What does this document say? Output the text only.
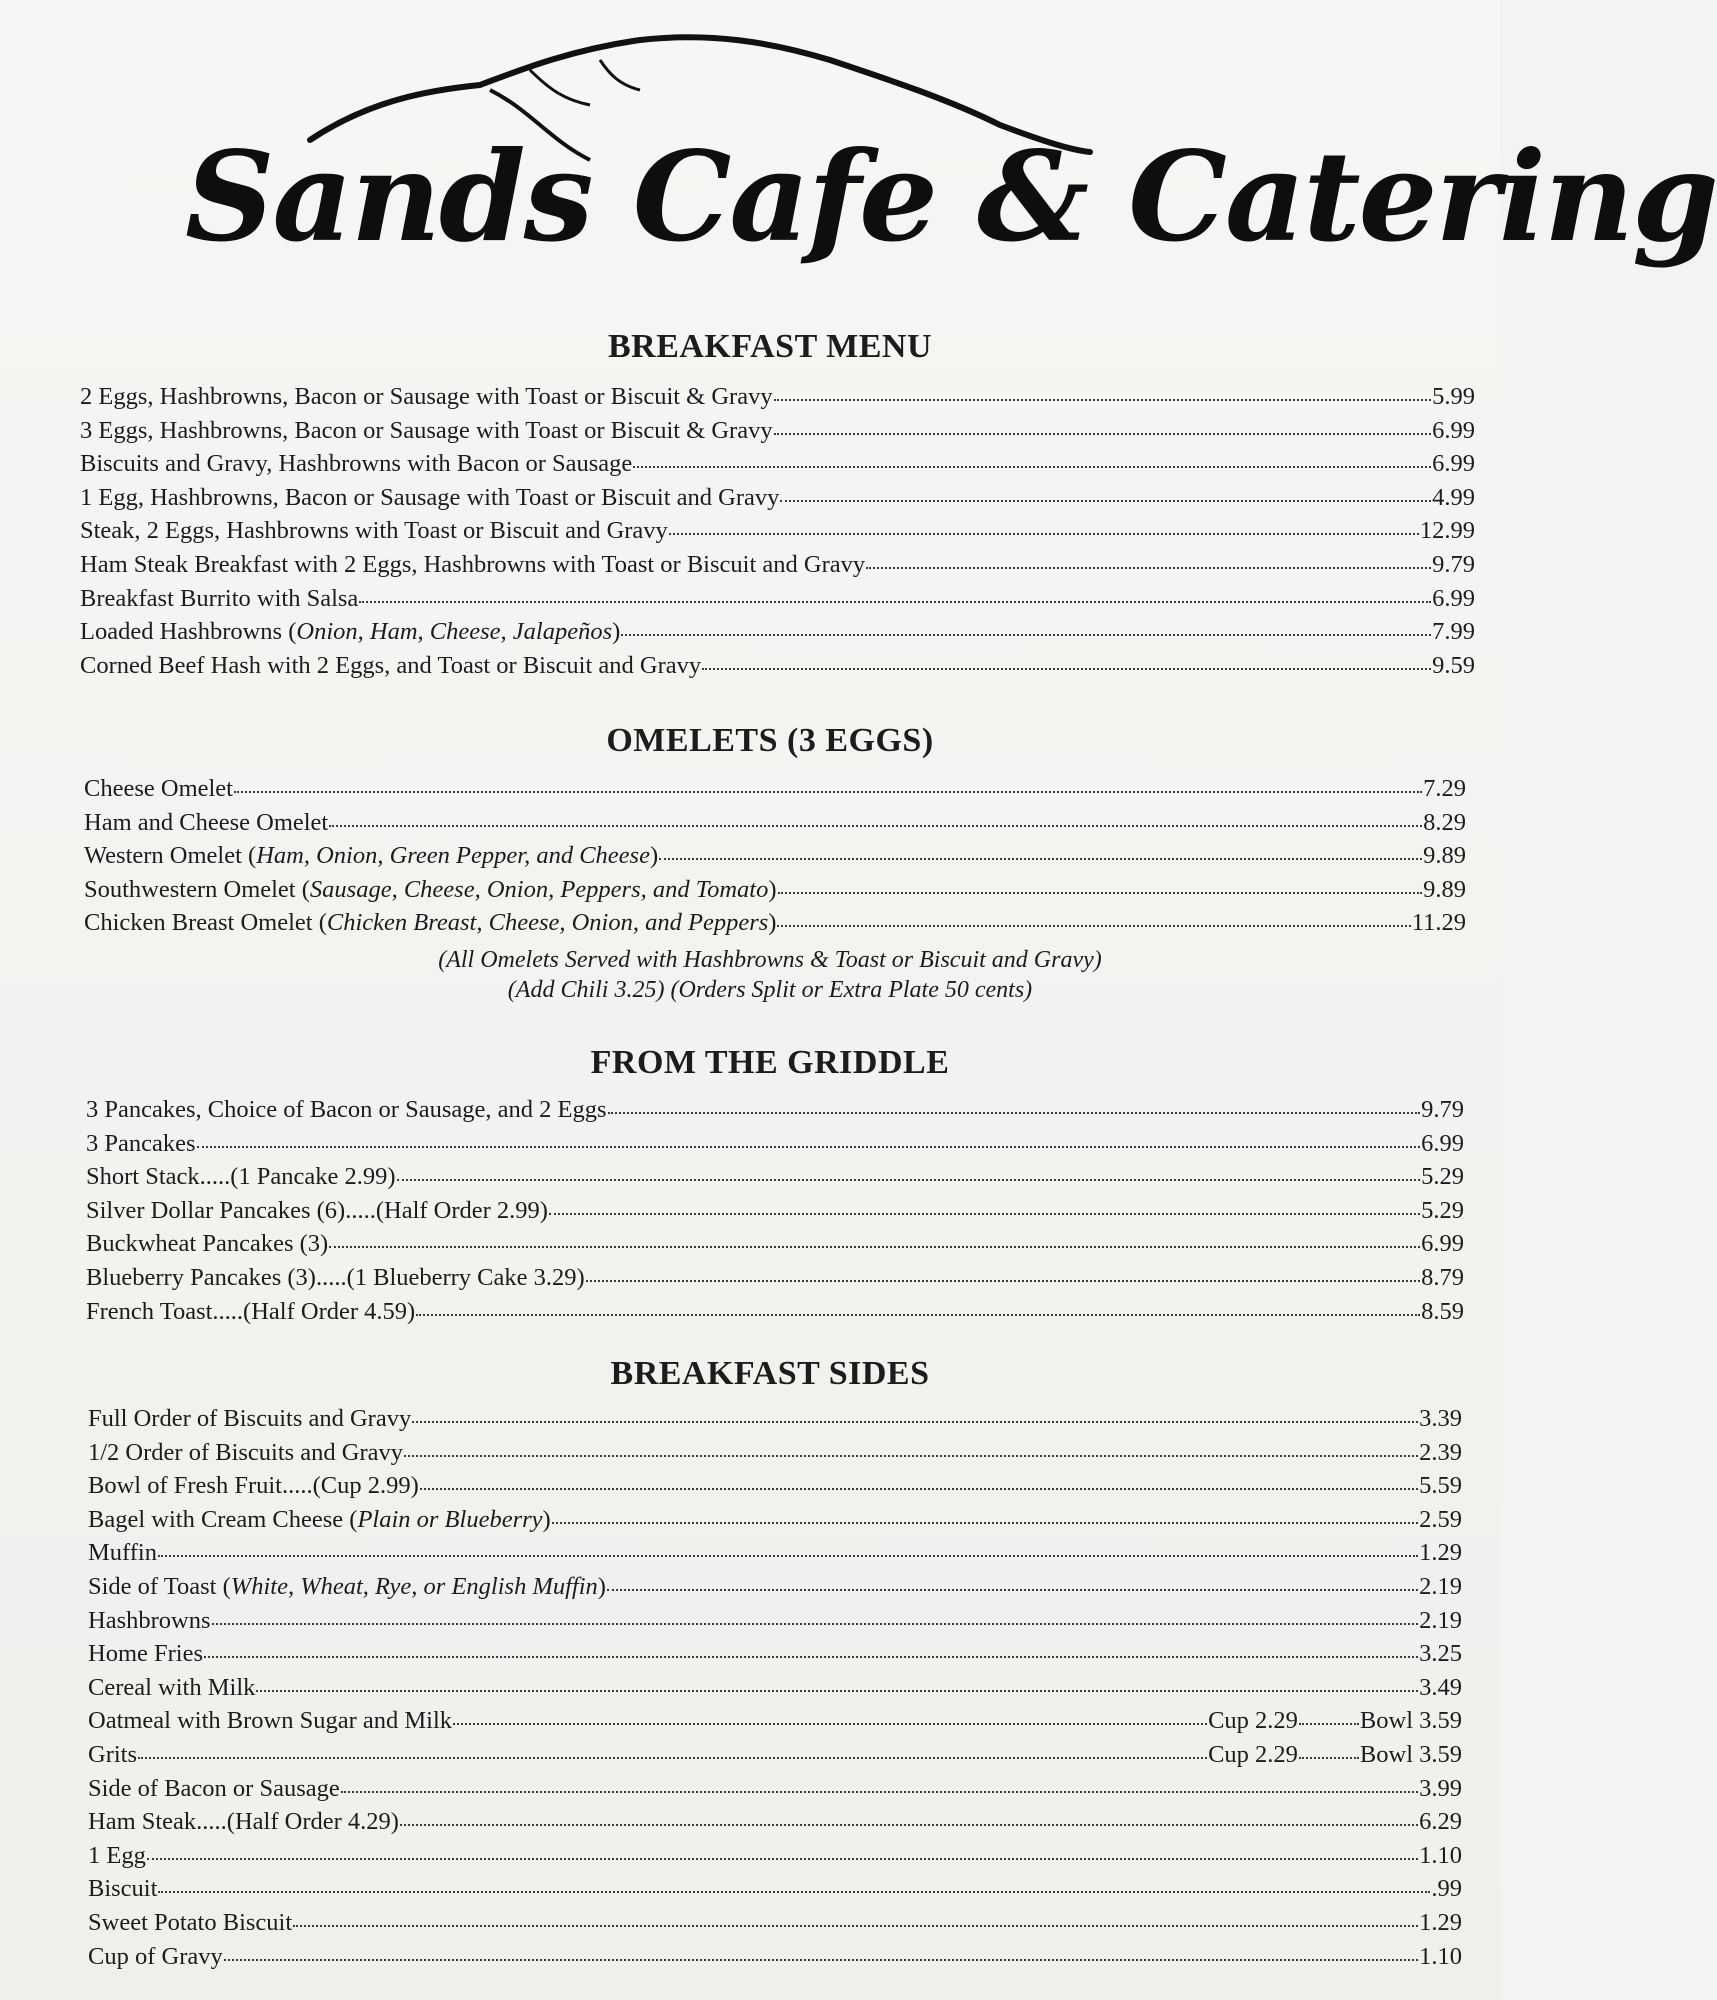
Sands Cafe & Catering
BREAKFAST MENU
2 Eggs, Hashbrowns, Bacon or Sausage with Toast or Biscuit & Gravy	5.99
3 Eggs, Hashbrowns, Bacon or Sausage with Toast or Biscuit & Gravy	6.99
Biscuits and Gravy, Hashbrowns with Bacon or Sausage	6.99
1 Egg, Hashbrowns, Bacon or Sausage with Toast or Biscuit and Gravy	4.99
Steak, 2 Eggs, Hashbrowns with Toast or Biscuit and Gravy	12.99
Ham Steak Breakfast with 2 Eggs, Hashbrowns with Toast or Biscuit and Gravy	9.79
Breakfast Burrito with Salsa	6.99
Loaded Hashbrowns (Onion, Ham, Cheese, Jalapeños)	7.99
Corned Beef Hash with 2 Eggs, and Toast or Biscuit and Gravy	9.59
OMELETS (3 EGGS)
Cheese Omelet	7.29
Ham and Cheese Omelet	8.29
Western Omelet (Ham, Onion, Green Pepper, and Cheese)	9.89
Southwestern Omelet (Sausage, Cheese, Onion, Peppers, and Tomato)	9.89
Chicken Breast Omelet (Chicken Breast, Cheese, Onion, and Peppers)	11.29
(All Omelets Served with Hashbrowns & Toast or Biscuit and Gravy)
(Add Chili 3.25) (Orders Split or Extra Plate 50 cents)
FROM THE GRIDDLE
3 Pancakes, Choice of Bacon or Sausage, and 2 Eggs	9.79
3 Pancakes	6.99
Short Stack.....(1 Pancake 2.99)	5.29
Silver Dollar Pancakes (6).....(Half Order 2.99)	5.29
Buckwheat Pancakes (3)	6.99
Blueberry Pancakes (3).....(1 Blueberry Cake 3.29)	8.79
French Toast.....(Half Order 4.59)	8.59
BREAKFAST SIDES
Full Order of Biscuits and Gravy	3.39
1/2 Order of Biscuits and Gravy	2.39
Bowl of Fresh Fruit.....(Cup 2.99)	5.59
Bagel with Cream Cheese (Plain or Blueberry)	2.59
Muffin	1.29
Side of Toast (White, Wheat, Rye, or English Muffin)	2.19
Hashbrowns	2.19
Home Fries	3.25
Cereal with Milk	3.49
Oatmeal with Brown Sugar and Milk	Cup 2.29	Bowl 3.59
Grits	Cup 2.29	Bowl 3.59
Side of Bacon or Sausage	3.99
Ham Steak.....(Half Order 4.29)	6.29
1 Egg	1.10
Biscuit	.99
Sweet Potato Biscuit	1.29
Cup of Gravy	1.10
